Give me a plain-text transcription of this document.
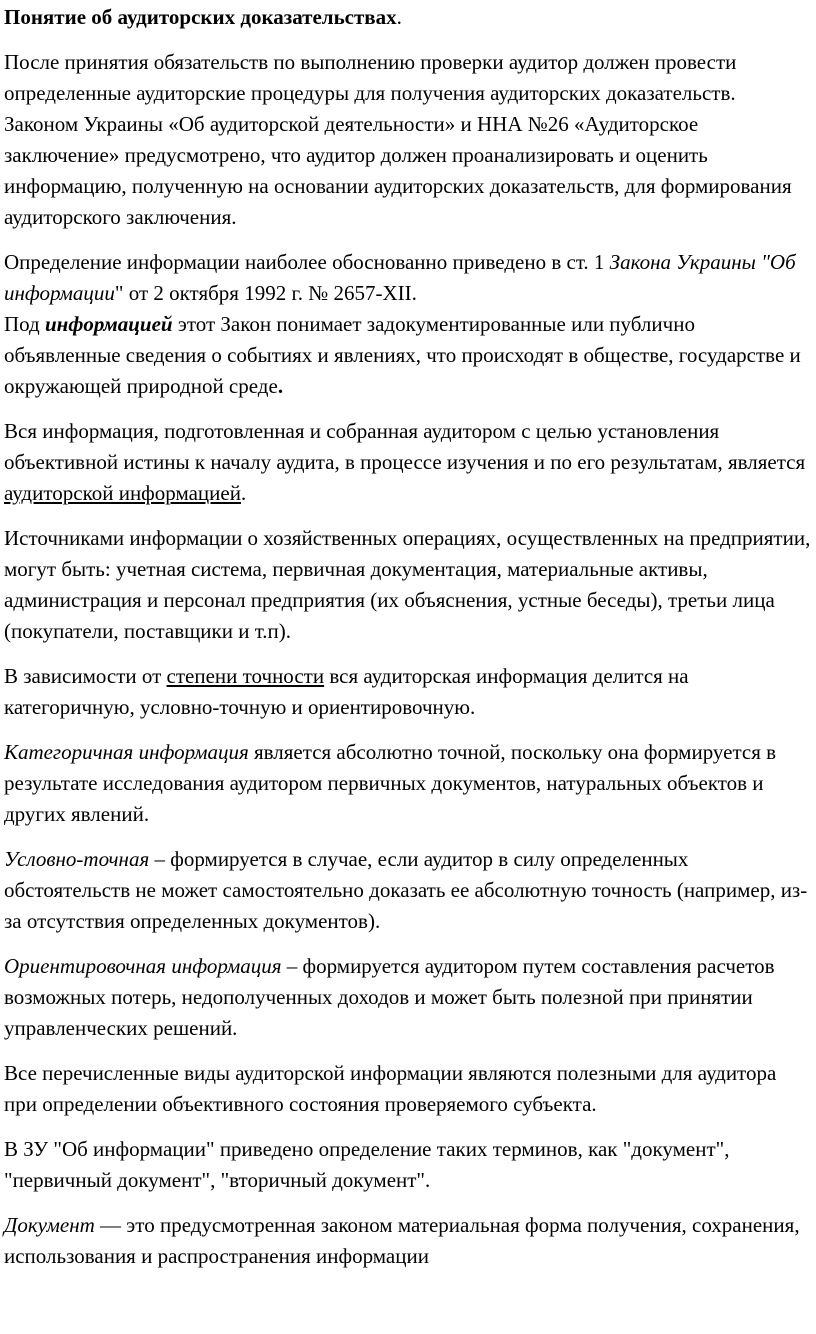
Понятие об аудиторских доказательствах.

После принятия обязательств по выполнению проверки аудитор должен провести определенные аудиторские процедуры для получения аудиторских доказательств. Законом Украины «Об аудиторской деятельности» и ННА №26 «Аудиторское заключение» предусмотрено, что аудитор должен проанализировать и оценить информацию, полученную на основании аудиторских доказательств, для формирования аудиторского заключения.

Определение информации наиболее обоснованно приведено в ст. 1 Закона Украины "Об информации" от 2 октября 1992 г. № 2657-XII.

Под информацией этот Закон понимает задокументированные или публично объявленные сведения о событиях и явлениях, что происходят в обществе, государстве и окружающей природной среде.

Вся информация, подготовленная и собранная аудитором с целью установления объективной истины к началу аудита, в процессе изучения и по его результатам, является аудиторской информацией.

Источниками информации о хозяйственных операциях, осуществленных на предприятии, могут быть: учетная система, первичная документация, материальные активы, администрация и персонал предприятия (их объяснения, устные беседы), третьи лица (покупатели, поставщики и т.п).

В зависимости от степени точности вся аудиторская информация делится на категоричную, условно-точную и ориентировочную.

Категоричная информация является абсолютно точной, поскольку она формируется в результате исследования аудитором первичных документов, натуральных объектов и других явлений.

Условно-точная – формируется в случае, если аудитор в силу определенных обстоятельств не может самостоятельно доказать ее абсолютную точность (например, из-за отсутствия определенных документов).

Ориентировочная информация – формируется аудитором путем составления расчетов возможных потерь, недополученных доходов и может быть полезной при принятии управленческих решений.

Все перечисленные виды аудиторской информации являются полезными для аудитора при определении объективного состояния проверяемого субъекта.

В ЗУ "Об информации" приведено определение таких терминов, как "документ", "первичный документ", "вторичный документ".

Документ — это предусмотренная законом материальная форма получения, сохранения, использования и распространения информации
